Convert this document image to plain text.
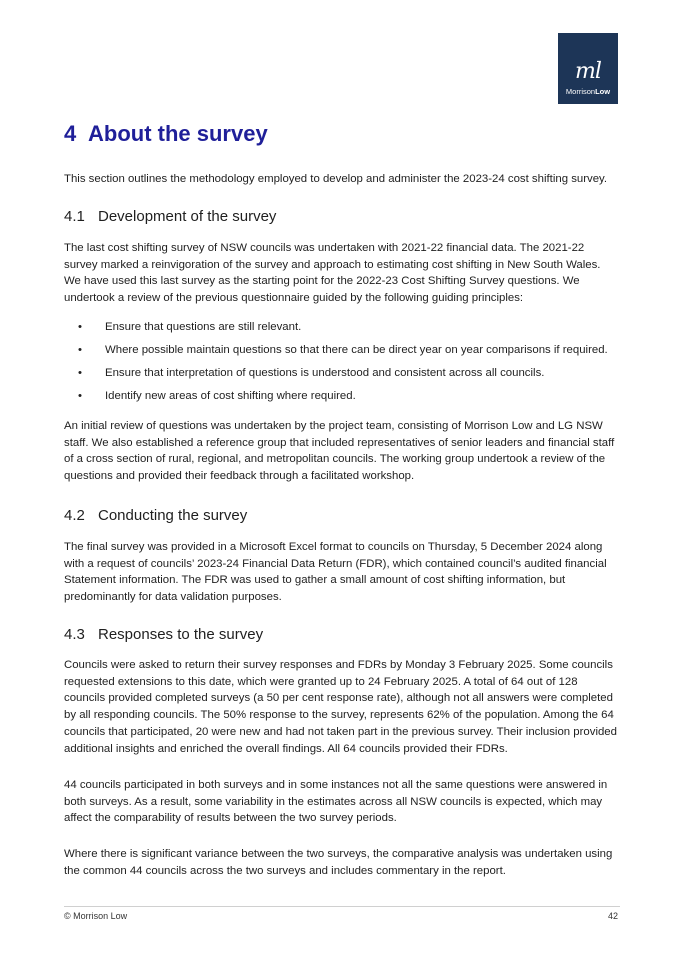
ml
MorrisonLow
4 About the survey

This section outlines the methodology employed to develop and administer the 2023-24 cost shifting survey.

4.1 Development of the survey

The last cost shifting survey of NSW councils was undertaken with 2021-22 financial data. The 2021-22 survey marked a reinvigoration of the survey and approach to estimating cost shifting in New South Wales. We have used this last survey as the starting point for the 2022-23 Cost Shifting Survey questions. We undertook a review of the previous questionnaire guided by the following guiding principles:

• Ensure that questions are still relevant.
• Where possible maintain questions so that there can be direct year on year comparisons if required.
• Ensure that interpretation of questions is understood and consistent across all councils.
• Identify new areas of cost shifting where required.

An initial review of questions was undertaken by the project team, consisting of Morrison Low and LG NSW staff. We also established a reference group that included representatives of senior leaders and financial staff of a cross section of rural, regional, and metropolitan councils. The working group undertook a review of the questions and provided their feedback through a facilitated workshop.

4.2 Conducting the survey

The final survey was provided in a Microsoft Excel format to councils on Thursday, 5 December 2024 along with a request of councils’ 2023-24 Financial Data Return (FDR), which contained council’s audited financial Statement information. The FDR was used to gather a small amount of cost shifting information, but predominantly for data validation purposes.

4.3 Responses to the survey

Councils were asked to return their survey responses and FDRs by Monday 3 February 2025. Some councils requested extensions to this date, which were granted up to 24 February 2025. A total of 64 out of 128 councils provided completed surveys (a 50 per cent response rate), although not all answers were completed by all responding councils. The 50% response to the survey, represents 62% of the population. Among the 64 councils that participated, 20 were new and had not taken part in the previous survey. Their inclusion provided additional insights and enriched the overall findings. All 64 councils provided their FDRs.

44 councils participated in both surveys and in some instances not all the same questions were answered in both surveys. As a result, some variability in the estimates across all NSW councils is expected, which may affect the comparability of results between the two survey periods.

Where there is significant variance between the two surveys, the comparative analysis was undertaken using the common 44 councils across the two surveys and includes commentary in the report.

© Morrison Low	42
